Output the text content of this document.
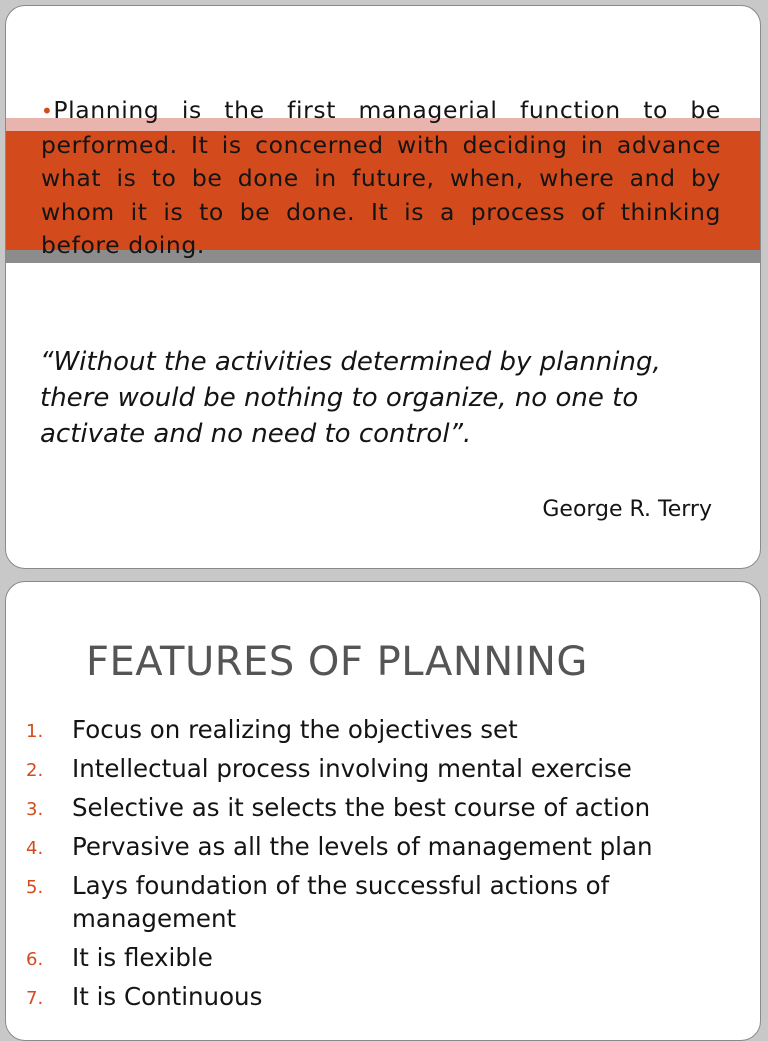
•Planning is the first managerial function to be performed. It is concerned with deciding in advance what is to be done in future, when, where and by whom it is to be done. It is a process of thinking before doing.

“Without the activities determined by planning, there would be nothing to organize, no one to activate and no need to control”.

George R. Terry
FEATURES OF PLANNING
1. Focus on realizing the objectives set
2. Intellectual process involving mental exercise
3. Selective as it selects the best course of action
4. Pervasive as all the levels of management plan
5. Lays foundation of the successful actions of management
6. It is flexible
7. It is Continuous
